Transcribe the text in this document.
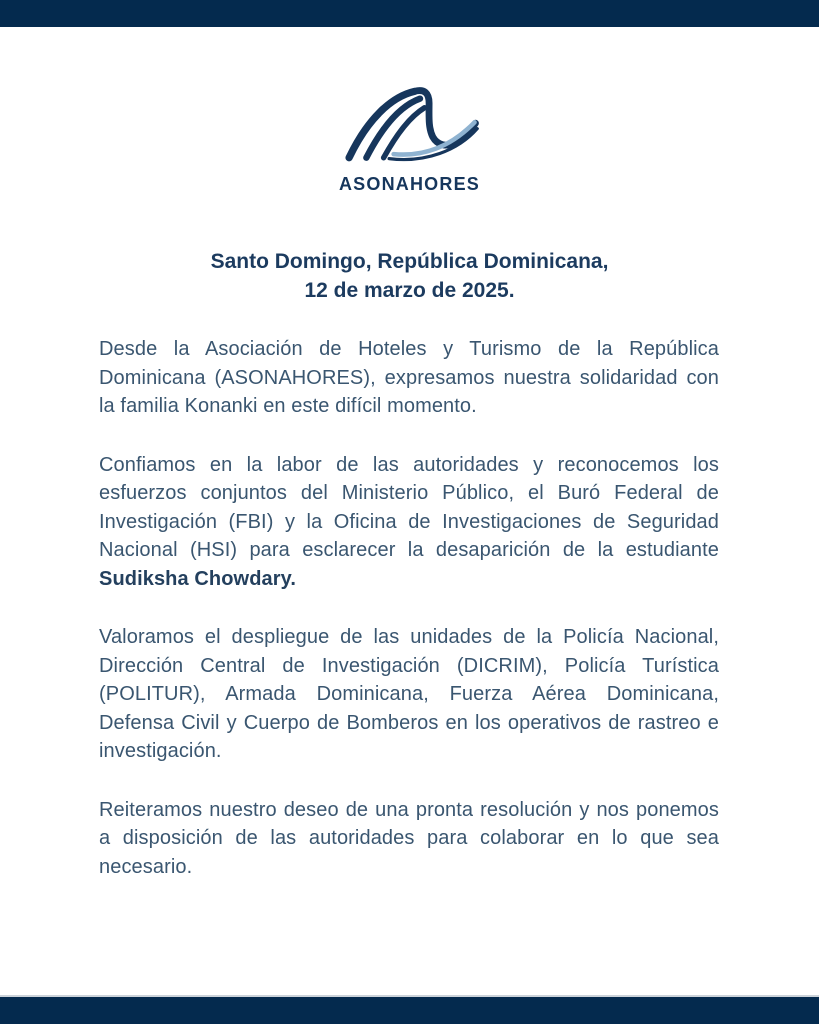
ASONAHORES
Santo Domingo, República Dominicana,
12 de marzo de 2025.

Desde la Asociación de Hoteles y Turismo de la República Dominicana (ASONAHORES), expresamos nuestra solidaridad con la familia Konanki en este difícil momento.

Confiamos en la labor de las autoridades y reconocemos los esfuerzos conjuntos del Ministerio Público, el Buró Federal de Investigación (FBI) y la Oficina de Investigaciones de Seguridad Nacional (HSI) para esclarecer la desaparición de la estudiante Sudiksha Chowdary.

Valoramos el despliegue de las unidades de la Policía Nacional, Dirección Central de Investigación (DICRIM), Policía Turística (POLITUR), Armada Dominicana, Fuerza Aérea Dominicana, Defensa Civil y Cuerpo de Bomberos en los operativos de rastreo e investigación.

Reiteramos nuestro deseo de una pronta resolución y nos ponemos a disposición de las autoridades para colaborar en lo que sea necesario.
